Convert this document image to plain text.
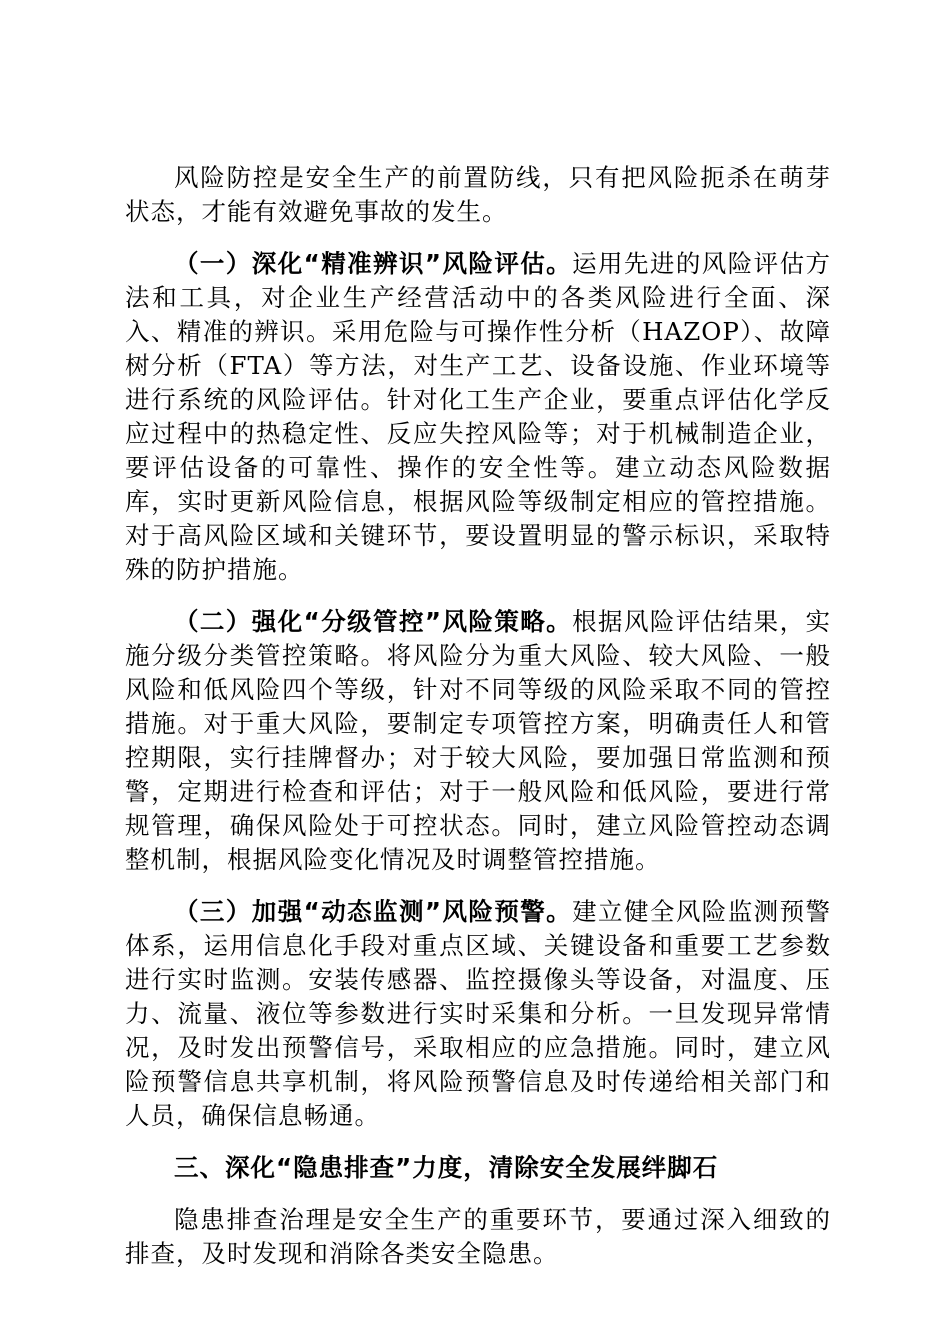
风险防控是安全生产的前置防线，只有把风险扼杀在萌芽状态，才能有效避免事故的发生。

（一）深化“精准辨识”风险评估。运用先进的风险评估方法和工具，对企业生产经营活动中的各类风险进行全面、深入、精准的辨识。采用危险与可操作性分析（HAZOP）、故障树分析（FTA）等方法，对生产工艺、设备设施、作业环境等进行系统的风险评估。针对化工生产企业，要重点评估化学反应过程中的热稳定性、反应失控风险等；对于机械制造企业，要评估设备的可靠性、操作的安全性等。建立动态风险数据库，实时更新风险信息，根据风险等级制定相应的管控措施。对于高风险区域和关键环节，要设置明显的警示标识，采取特殊的防护措施。

（二）强化“分级管控”风险策略。根据风险评估结果，实施分级分类管控策略。将风险分为重大风险、较大风险、一般风险和低风险四个等级，针对不同等级的风险采取不同的管控措施。对于重大风险，要制定专项管控方案，明确责任人和管控期限，实行挂牌督办；对于较大风险，要加强日常监测和预警，定期进行检查和评估；对于一般风险和低风险，要进行常规管理，确保风险处于可控状态。同时，建立风险管控动态调整机制，根据风险变化情况及时调整管控措施。

（三）加强“动态监测”风险预警。建立健全风险监测预警体系，运用信息化手段对重点区域、关键设备和重要工艺参数进行实时监测。安装传感器、监控摄像头等设备，对温度、压力、流量、液位等参数进行实时采集和分析。一旦发现异常情况，及时发出预警信号，采取相应的应急措施。同时，建立风险预警信息共享机制，将风险预警信息及时传递给相关部门和人员，确保信息畅通。

三、深化“隐患排查”力度，清除安全发展绊脚石

隐患排查治理是安全生产的重要环节，要通过深入细致的排查，及时发现和消除各类安全隐患。
